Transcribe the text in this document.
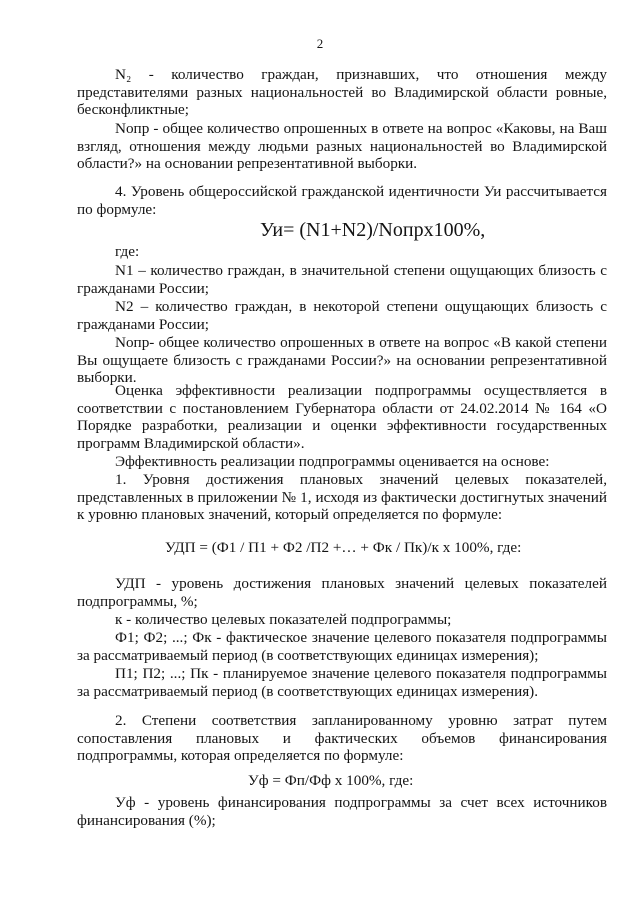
2

N₂ - количество граждан, признавших, что отношения между представителями разных национальностей во Владимирской области ровные, бесконфликтные;

Nопр - общее количество опрошенных в ответе на вопрос «Каковы, на Ваш взгляд, отношения между людьми разных национальностей во Владимирской области?» на основании репрезентативной выборки.

4. Уровень общероссийской гражданской идентичности Уи рассчитывается по формуле:

Уи= (N1+N2)/Nопрx100%,

где:

N1 – количество граждан, в значительной степени ощущающих близость с гражданами России;

N2 – количество граждан, в некоторой степени ощущающих близость с гражданами России;

Nопр- общее количество опрошенных в ответе на вопрос «В какой степени Вы ощущаете близость с гражданами России?» на основании репрезентативной выборки.

Оценка эффективности реализации подпрограммы осуществляется в соответствии с постановлением Губернатора области от 24.02.2014 № 164 «О Порядке разработки, реализации и оценки эффективности государственных программ Владимирской области».

Эффективность реализации подпрограммы оценивается на основе:

1. Уровня достижения плановых значений целевых показателей, представленных в приложении № 1, исходя из фактически достигнутых значений к уровню плановых значений, который определяется по формуле:

УДП = (Ф1 / П1 + Ф2 /П2 +… + Фк / Пк)/к х 100%, где:

УДП - уровень достижения плановых значений целевых показателей подпрограммы, %;

к - количество целевых показателей подпрограммы;

Ф1; Ф2; ...; Фк - фактическое значение целевого показателя подпрограммы за рассматриваемый период (в соответствующих единицах измерения);

П1; П2; ...; Пк - планируемое значение целевого показателя подпрограммы за рассматриваемый период (в соответствующих единицах измерения).

2. Степени соответствия запланированному уровню затрат путем сопоставления плановых и фактических объемов финансирования подпрограммы, которая определяется по формуле:

Уф = Фп/Фф х 100%, где:

Уф - уровень финансирования подпрограммы за счет всех источников финансирования (%);
